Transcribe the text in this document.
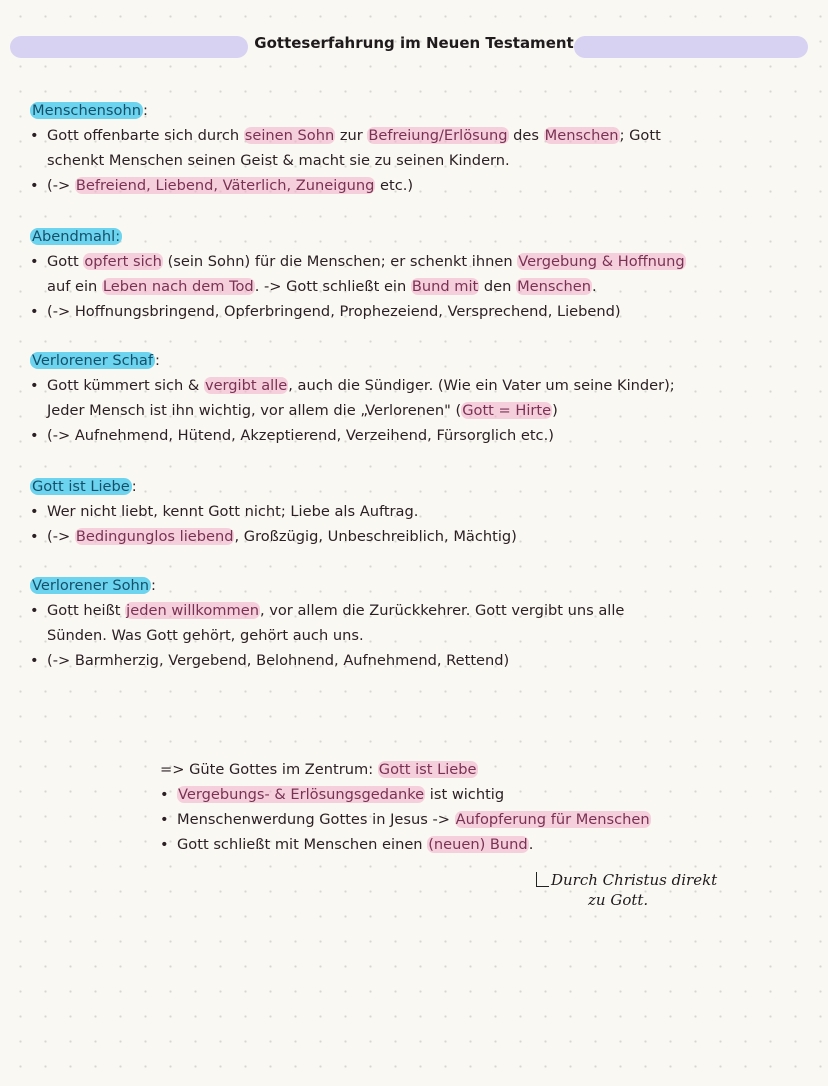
Gotteserfahrung im Neuen Testament
Menschensohn :
• Gott offenbarte sich durch seinen Sohn zur Befreiung/Erlösung des Menschen; Gott
schenkt Menschen seinen Geist & macht sie zu seinen Kindern.
• (-> Befreiend, Liebend, Väterlich, Zuneigung etc.)
Abendmahl:
• Gott opfert sich (sein Sohn) für die Menschen; er schenkt ihnen Vergebung & Hoffnung
auf ein Leben nach dem Tod. -> Gott schließt ein Bund mit den Menschen.
• (-> Hoffnungsbringend, Opferbringend, Prophezeiend, Versprechend, Liebend)
Verlorener Schaf :
• Gott kümmert sich & vergibt alle, auch die Sündiger. (Wie ein Vater um seine Kinder);
Jeder Mensch ist ihn wichtig, vor allem die „Verlorenen" (Gott = Hirte)
• (-> Aufnehmend, Hütend, Akzeptierend, Verzeihend, Fürsorglich etc.)
Gott ist Liebe :
• Wer nicht liebt, kennt Gott nicht; Liebe als Auftrag.
• (-> Bedingunglos liebend, Großzügig, Unbeschreiblich, Mächtig)
Verlorener Sohn :
• Gott heißt jeden willkommen, vor allem die Zurückkehrer. Gott vergibt uns alle
Sünden. Was Gott gehört, gehört auch uns.
• (-> Barmherzig, Vergebend, Belohnend, Aufnehmend, Rettend)
=> Güte Gottes im Zentrum: Gott ist Liebe
• Vergebungs- & Erlösungsgedanke ist wichtig
• Menschenwerdung Gottes in Jesus -> Aufopferung für Menschen
• Gott schließt mit Menschen einen (neuen) Bund.
Durch Christus direkt
zu Gott.
